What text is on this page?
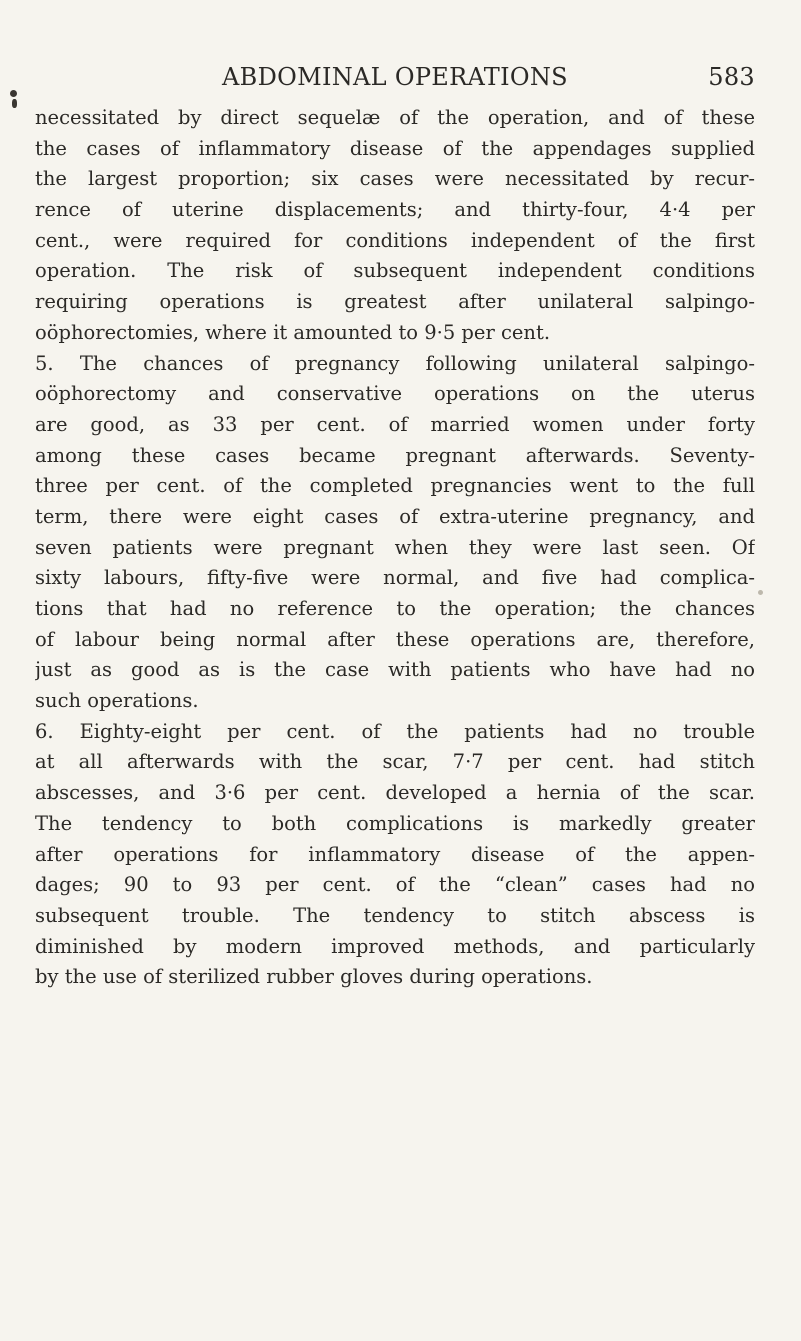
ABDOMINAL OPERATIONS	583
necessitated by direct sequelæ of the operation, and of these
the cases of inflammatory disease of the appendages supplied
the largest proportion; six cases were necessitated by recur-
rence of uterine displacements; and thirty-four, 4·4 per
cent., were required for conditions independent of the first
operation. The risk of subsequent independent conditions
requiring operations is greatest after unilateral salpingo-
oöphorectomies, where it amounted to 9·5 per cent.
5. The chances of pregnancy following unilateral salpingo-
oöphorectomy and conservative operations on the uterus
are good, as 33 per cent. of married women under forty
among these cases became pregnant afterwards. Seventy-
three per cent. of the completed pregnancies went to the full
term, there were eight cases of extra-uterine pregnancy, and
seven patients were pregnant when they were last seen. Of
sixty labours, fifty-five were normal, and five had complica-
tions that had no reference to the operation; the chances
of labour being normal after these operations are, therefore,
just as good as is the case with patients who have had no
such operations.
6. Eighty-eight per cent. of the patients had no trouble
at all afterwards with the scar, 7·7 per cent. had stitch
abscesses, and 3·6 per cent. developed a hernia of the scar.
The tendency to both complications is markedly greater
after operations for inflammatory disease of the appen-
dages; 90 to 93 per cent. of the “clean” cases had no
subsequent trouble. The tendency to stitch abscess is
diminished by modern improved methods, and particularly
by the use of sterilized rubber gloves during operations.
